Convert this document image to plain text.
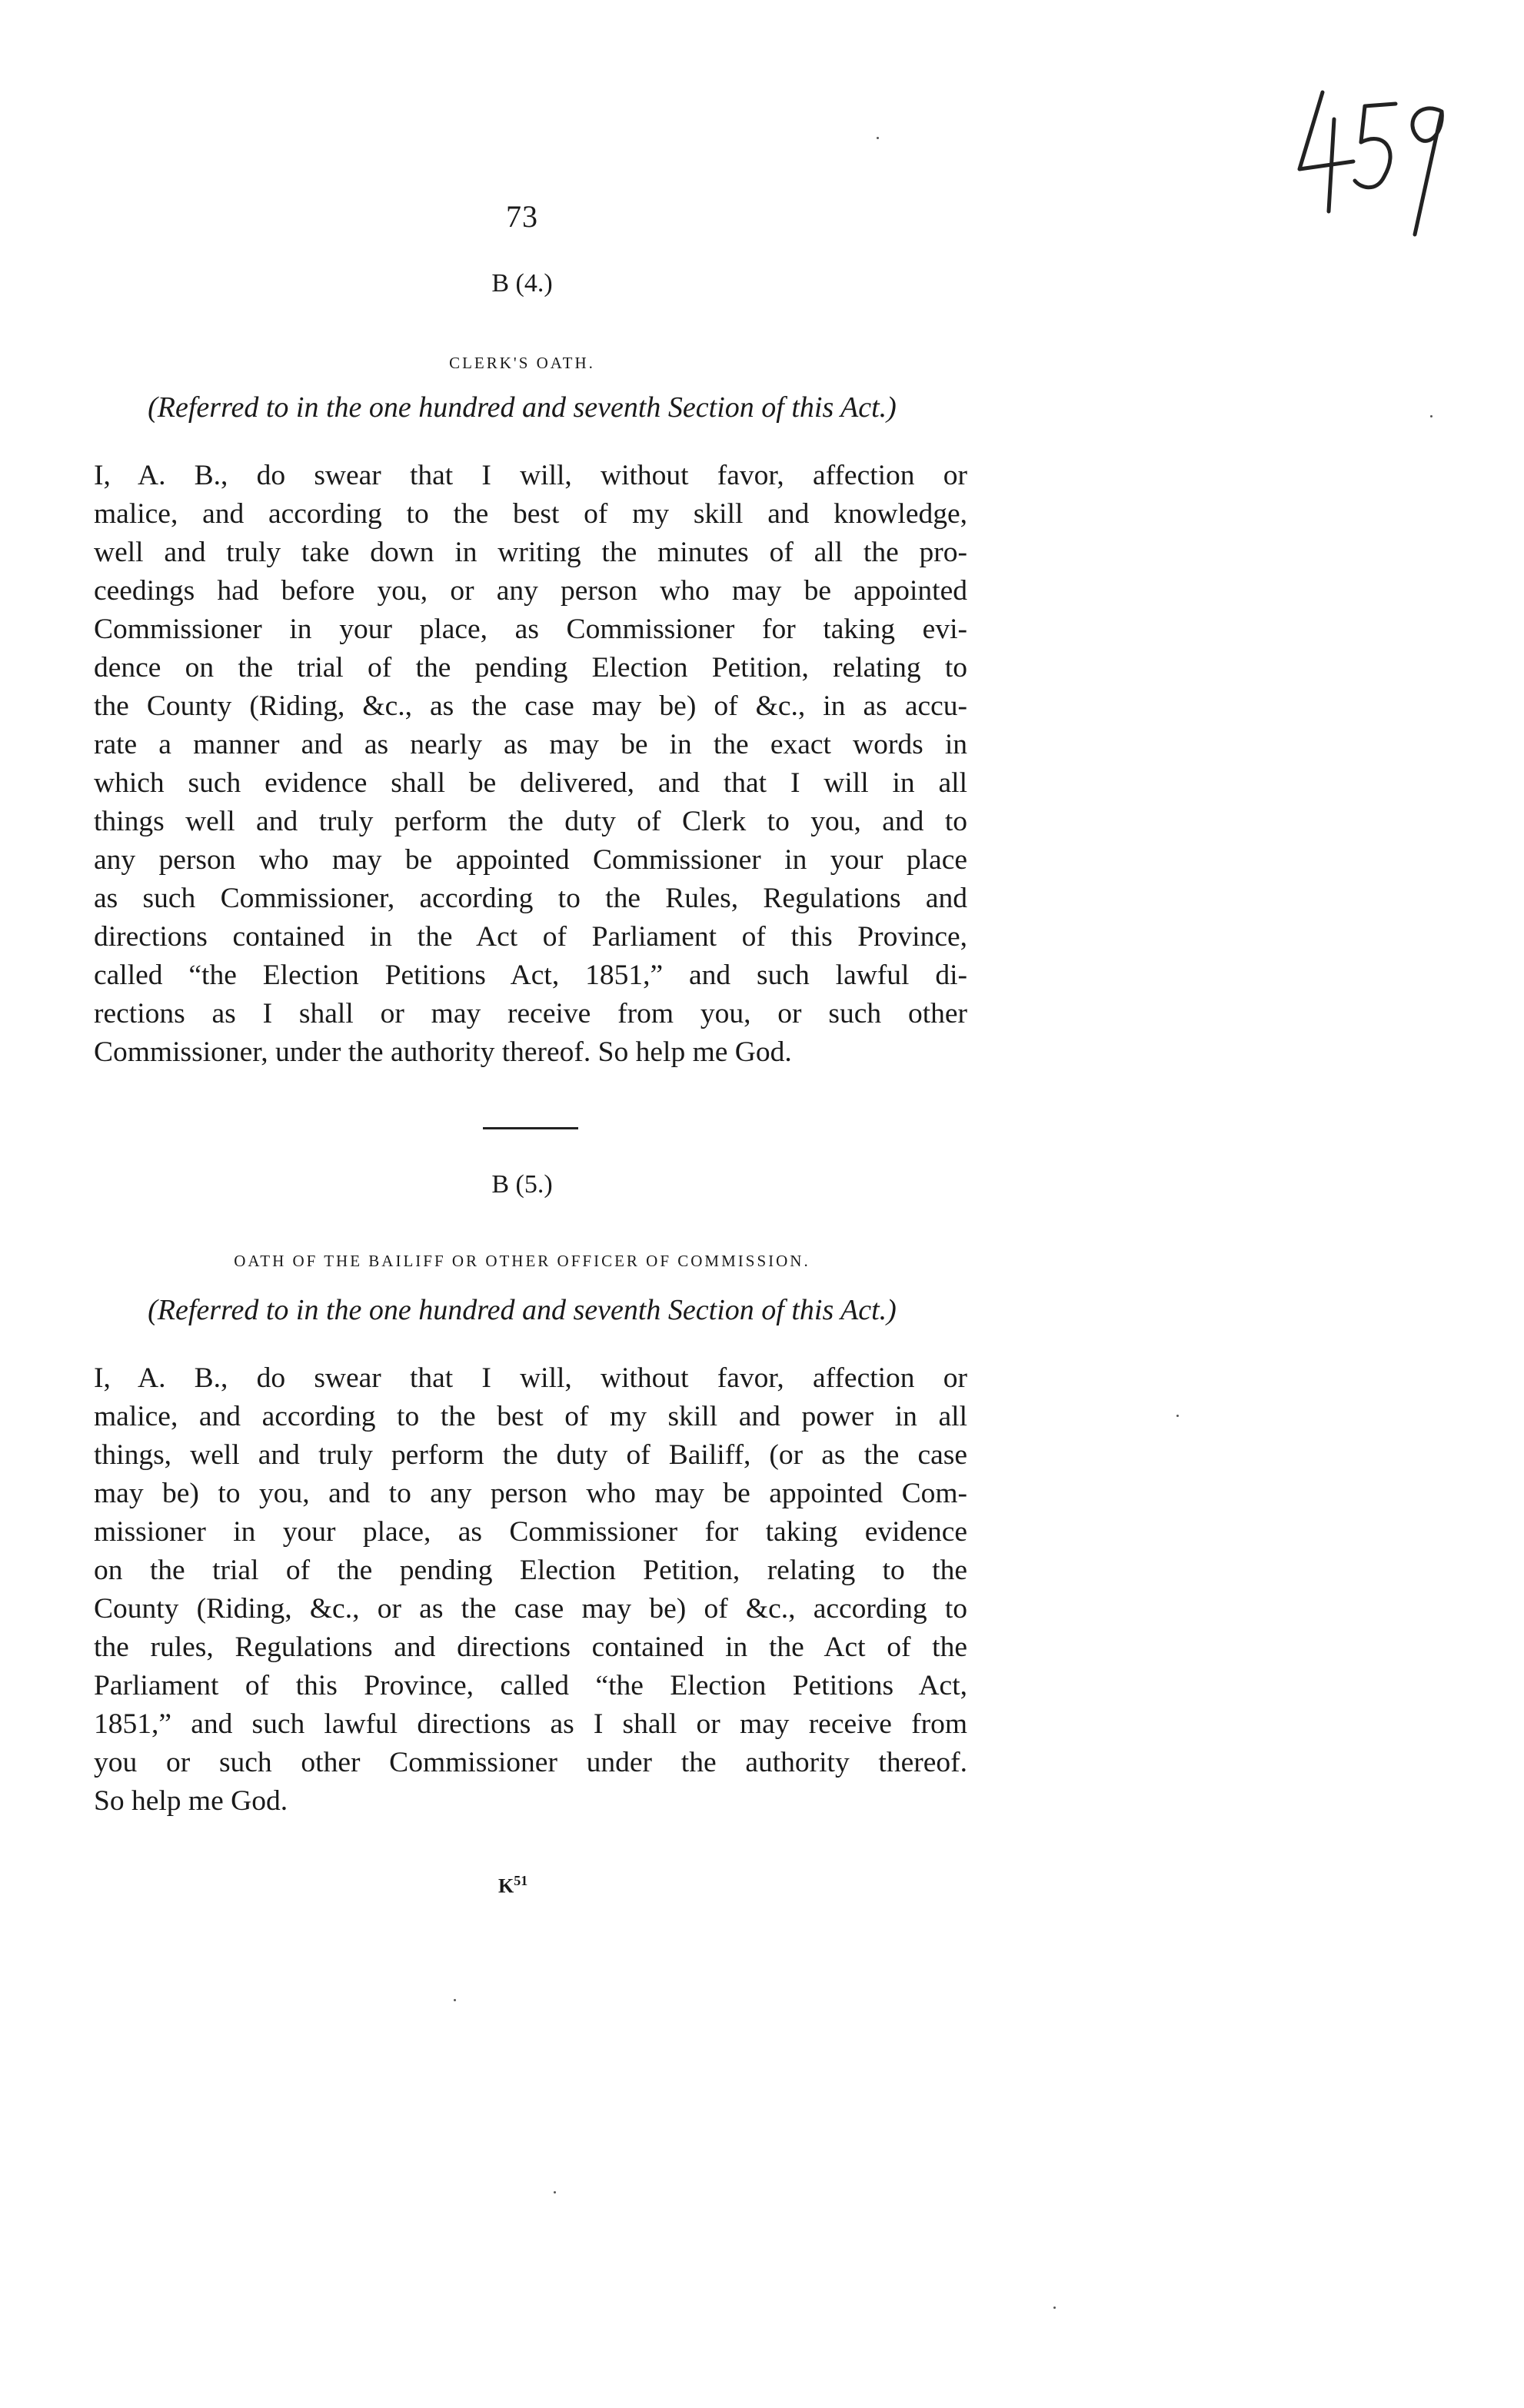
73
B (4.)
CLERK'S OATH.
(Referred to in the one hundred and seventh Section of this Act.)
I, A. B., do swear that I will, without favor, affection or
malice, and according to the best of my skill and knowledge,
well and truly take down in writing the minutes of all the pro-
ceedings had before you, or any person who may be appointed
Commissioner in your place, as Commissioner for taking evi-
dence on the trial of the pending Election Petition, relating to
the County (Riding, &c., as the case may be) of &c., in as accu-
rate a manner and as nearly as may be in the exact words in
which such evidence shall be delivered, and that I will in all
things well and truly perform the duty of Clerk to you, and to
any person who may be appointed Commissioner in your place
as such Commissioner, according to the Rules, Regulations and
directions contained in the Act of Parliament of this Province,
called “the Election Petitions Act, 1851,” and such lawful di-
rections as I shall or may receive from you, or such other
Commissioner, under the authority thereof. So help me God.
B (5.)
OATH OF THE BAILIFF OR OTHER OFFICER OF COMMISSION.
(Referred to in the one hundred and seventh Section of this Act.)
I, A. B., do swear that I will, without favor, affection or
malice, and according to the best of my skill and power in all
things, well and truly perform the duty of Bailiff, (or as the case
may be) to you, and to any person who may be appointed Com-
missioner in your place, as Commissioner for taking evidence
on the trial of the pending Election Petition, relating to the
County (Riding, &c., or as the case may be) of &c., according to
the rules, Regulations and directions contained in the Act of the
Parliament of this Province, called “the Election Petitions Act,
1851,” and such lawful directions as I shall or may receive from
you or such other Commissioner under the authority thereof.
So help me God.
$K^{51}$
